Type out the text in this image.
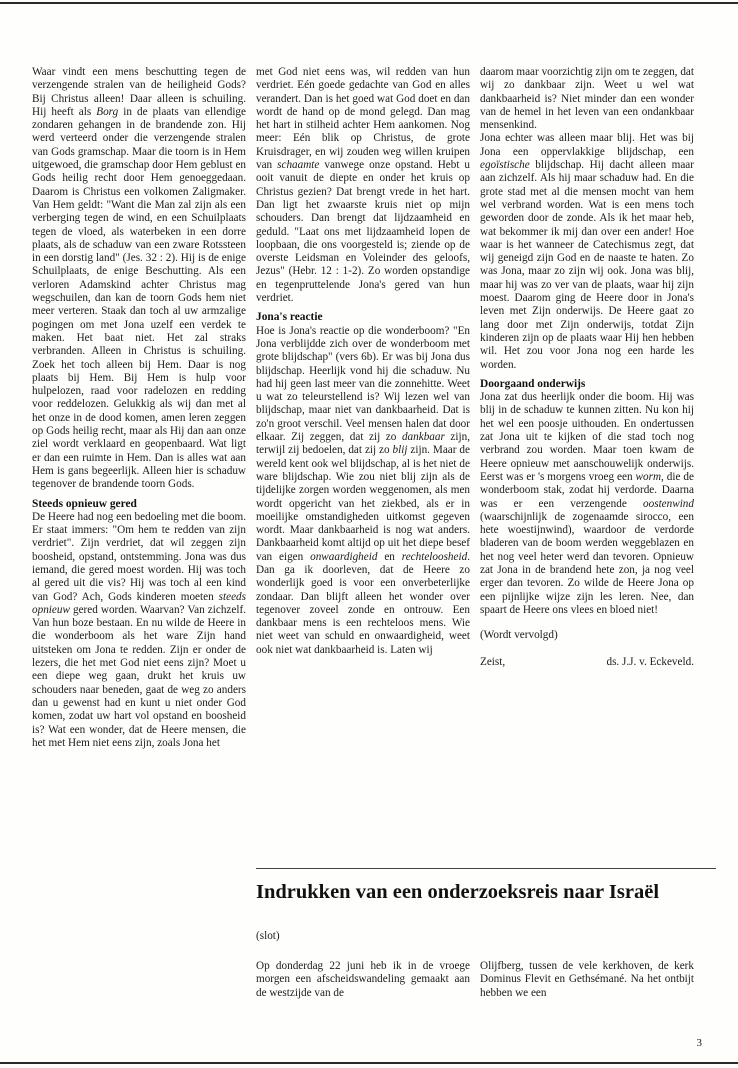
Waar vindt een mens beschutting tegen de verzengende stralen van de heiligheid Gods? Bij Christus alleen! Daar alleen is schuiling. Hij heeft als Borg in de plaats van ellendige zondaren gehangen in de brandende zon. Hij werd verteerd onder die verzengende stralen van Gods gramschap. Maar die toorn is in Hem uitgewoed, die gramschap door Hem geblust en Gods heilig recht door Hem genoeggedaan. Daarom is Christus een volkomen Zaligmaker. Van Hem geldt: "Want die Man zal zijn als een verberging tegen de wind, en een Schuilplaats tegen de vloed, als waterbeken in een dorre plaats, als de schaduw van een zware Rotssteen in een dorstig land" (Jes. 32 : 2). Hij is de enige Schuilplaats, de enige Beschutting. Als een verloren Adamskind achter Christus mag wegschuilen, dan kan de toorn Gods hem niet meer verteren. Staak dan toch al uw armzalige pogingen om met Jona uzelf een verdek te maken. Het baat niet. Het zal straks verbranden. Alleen in Christus is schuiling. Zoek het toch alleen bij Hem. Daar is nog plaats bij Hem. Bij Hem is hulp voor hulpelozen, raad voor radelozen en redding voor reddelozen. Gelukkig als wij dan met al het onze in de dood komen, amen leren zeggen op Gods heilig recht, maar als Hij dan aan onze ziel wordt verklaard en geopenbaard. Wat ligt er dan een ruimte in Hem. Dan is alles wat aan Hem is gans begeerlijk. Alleen hier is schaduw tegenover de brandende toorn Gods.

Steeds opnieuw gered

De Heere had nog een bedoeling met die boom. Er staat immers: "Om hem te redden van zijn verdriet". Zijn verdriet, dat wil zeggen zijn boosheid, opstand, ontstemming. Jona was dus iemand, die gered moest worden. Hij was toch al gered uit die vis? Hij was toch al een kind van God? Ach, Gods kinderen moeten steeds opnieuw gered worden. Waarvan? Van zichzelf. Van hun boze bestaan. En nu wilde de Heere in die wonderboom als het ware Zijn hand uitsteken om Jona te redden. Zijn er onder de lezers, die het met God niet eens zijn? Moet u een diepe weg gaan, drukt het kruis uw schouders naar beneden, gaat de weg zo anders dan u gewenst had en kunt u niet onder God komen, zodat uw hart vol opstand en boosheid is? Wat een wonder, dat de Heere mensen, die het met Hem niet eens zijn, zoals Jona het

met God niet eens was, wil redden van hun verdriet. Eén goede gedachte van God en alles verandert. Dan is het goed wat God doet en dan wordt de hand op de mond gelegd. Dan mag het hart in stilheid achter Hem aankomen. Nog meer: Eén blik op Christus, de grote Kruisdrager, en wij zouden weg willen kruipen van schaamte vanwege onze opstand. Hebt u ooit vanuit de diepte en onder het kruis op Christus gezien? Dat brengt vrede in het hart. Dan ligt het zwaarste kruis niet op mijn schouders. Dan brengt dat lijdzaamheid en geduld. "Laat ons met lijdzaamheid lopen de loopbaan, die ons voorgesteld is; ziende op de overste Leidsman en Voleinder des geloofs, Jezus" (Hebr. 12 : 1-2). Zo worden opstandige en tegenpruttelende Jona's gered van hun verdriet.

Jona's reactie

Hoe is Jona's reactie op die wonderboom? "En Jona verblijdde zich over de wonderboom met grote blijdschap" (vers 6b). Er was bij Jona dus blijdschap. Heerlijk vond hij die schaduw. Nu had hij geen last meer van die zonnehitte. Weet u wat zo teleurstellend is? Wij lezen wel van blijdschap, maar niet van dankbaarheid. Dat is zo'n groot verschil. Veel mensen halen dat door elkaar. Zij zeggen, dat zij zo dankbaar zijn, terwijl zij bedoelen, dat zij zo blij zijn. Maar de wereld kent ook wel blijdschap, al is het niet de ware blijdschap. Wie zou niet blij zijn als de tijdelijke zorgen worden weggenomen, als men wordt opgericht van het ziekbed, als er in moeilijke omstandigheden uitkomst gegeven wordt. Maar dankbaarheid is nog wat anders. Dankbaarheid komt altijd op uit het diepe besef van eigen onwaardigheid en rechteloosheid. Dan ga ik doorleven, dat de Heere zo wonderlijk goed is voor een onverbeterlijke zondaar. Dan blijft alleen het wonder over tegenover zoveel zonde en ontrouw. Een dankbaar mens is een rechteloos mens. Wie niet weet van schuld en onwaardigheid, weet ook niet wat dankbaarheid is. Laten wij

daarom maar voorzichtig zijn om te zeggen, dat wij zo dankbaar zijn. Weet u wel wat dankbaarheid is? Niet minder dan een wonder van de hemel in het leven van een ondankbaar mensenkind.

Jona echter was alleen maar blij. Het was bij Jona een oppervlakkige blijdschap, een egoïstische blijdschap. Hij dacht alleen maar aan zichzelf. Als hij maar schaduw had. En die grote stad met al die mensen mocht van hem wel verbrand worden. Wat is een mens toch geworden door de zonde. Als ik het maar heb, wat bekommer ik mij dan over een ander! Hoe waar is het wanneer de Catechismus zegt, dat wij geneigd zijn God en de naaste te haten. Zo was Jona, maar zo zijn wij ook. Jona was blij, maar hij was zo ver van de plaats, waar hij zijn moest. Daarom ging de Heere door in Jona's leven met Zijn onderwijs. De Heere gaat zo lang door met Zijn onderwijs, totdat Zijn kinderen zijn op de plaats waar Hij hen hebben wil. Het zou voor Jona nog een harde les worden.

Doorgaand onderwijs

Jona zat dus heerlijk onder die boom. Hij was blij in de schaduw te kunnen zitten. Nu kon hij het wel een poosje uithouden. En ondertussen zat Jona uit te kijken of die stad toch nog verbrand zou worden. Maar toen kwam de Heere opnieuw met aanschouwelijk onderwijs. Eerst was er 's morgens vroeg een worm, die de wonderboom stak, zodat hij verdorde. Daarna was er een verzengende oostenwind (waarschijnlijk de zogenaamde sirocco, een hete woestijnwind), waardoor de verdorde bladeren van de boom werden weggeblazen en het nog veel heter werd dan tevoren. Opnieuw zat Jona in de brandend hete zon, ja nog veel erger dan tevoren. Zo wilde de Heere Jona op een pijnlijke wijze zijn les leren. Nee, dan spaart de Heere ons vlees en bloed niet!

(Wordt vervolgd)

Zeist,	ds. J.J. v. Eckeveld.
Indrukken van een onderzoeksreis naar Israël
(slot)

Op donderdag 22 juni heb ik in de vroege morgen een afscheidswandeling gemaakt aan de westzijde van de

Olijfberg, tussen de vele kerkhoven, de kerk Dominus Flevit en Gethsémané. Na het ontbijt hebben we een

3
